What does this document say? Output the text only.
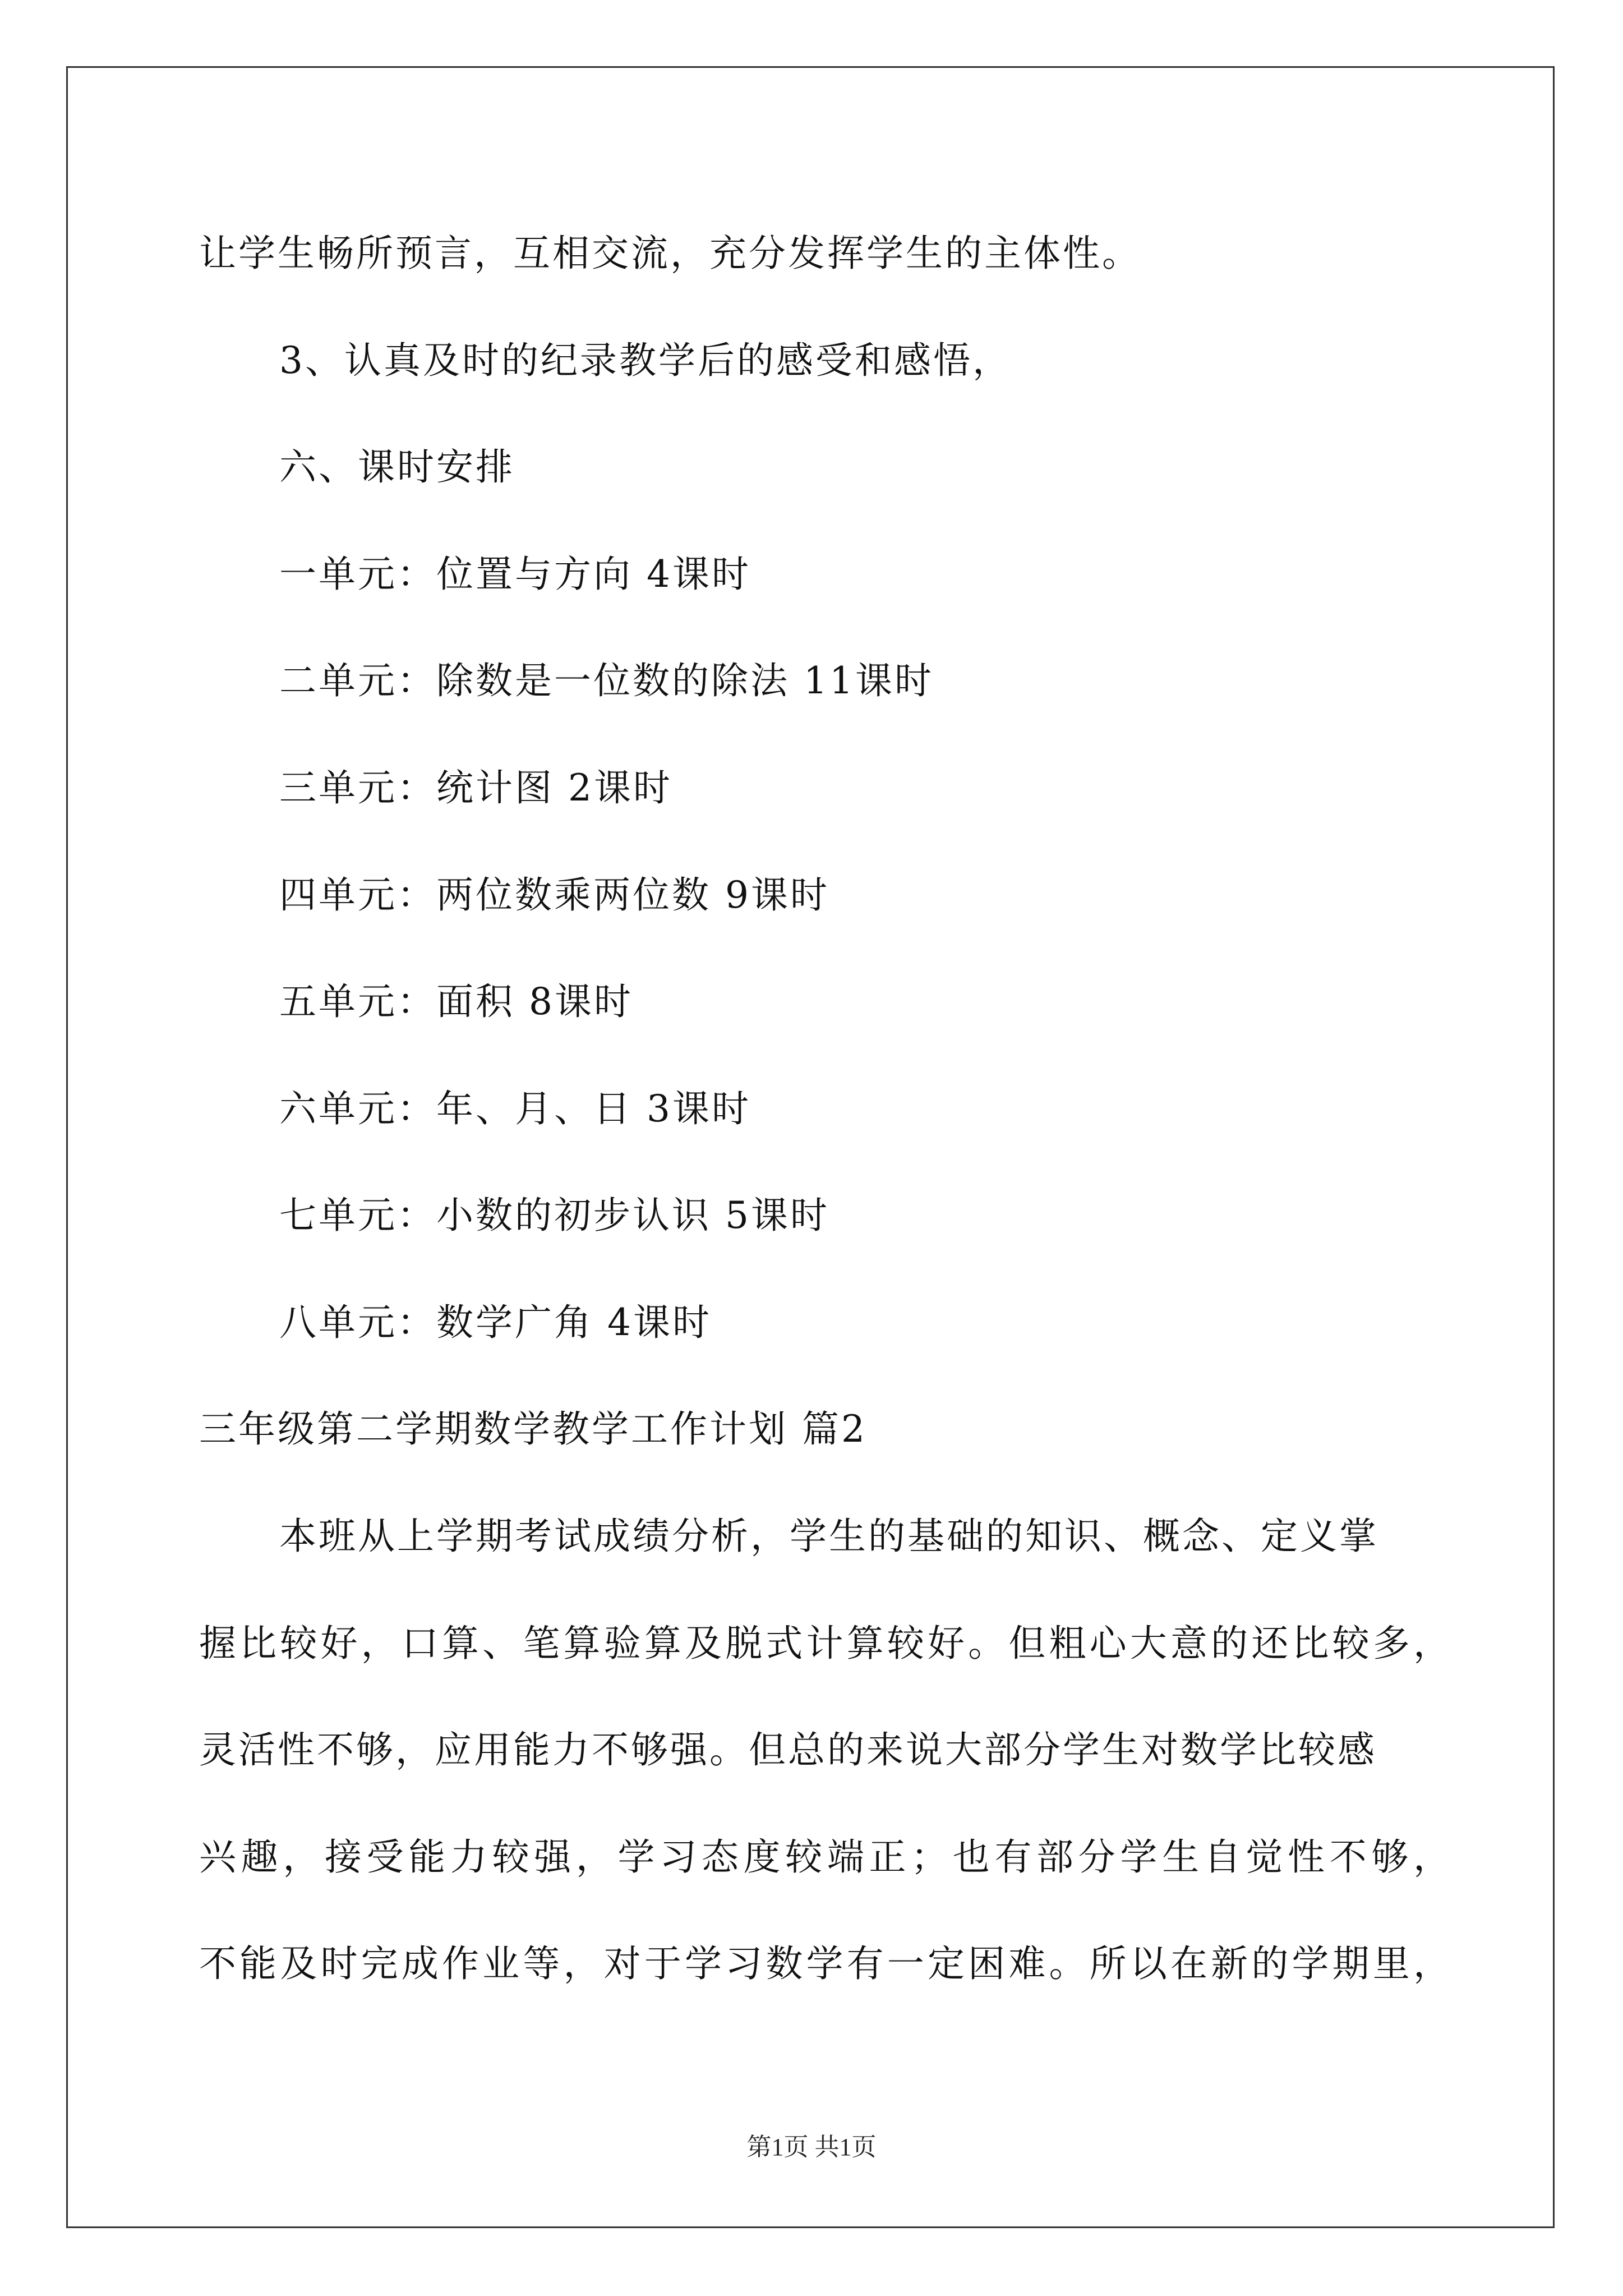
让学生畅所预言，互相交流，充分发挥学生的主体性。
3、认真及时的纪录教学后的感受和感悟，
六、课时安排
一单元：位置与方向 4课时
二单元：除数是一位数的除法 11课时
三单元：统计图 2课时
四单元：两位数乘两位数 9课时
五单元：面积 8课时
六单元：年、月、日 3课时
七单元：小数的初步认识 5课时
八单元：数学广角 4课时
三年级第二学期数学教学工作计划 篇2
本班从上学期考试成绩分析，学生的基础的知识、概念、定义掌
握比较好，口算、笔算验算及脱式计算较好。但粗心大意的还比较多，
灵活性不够，应用能力不够强。但总的来说大部分学生对数学比较感
兴趣，接受能力较强，学习态度较端正；也有部分学生自觉性不够，
不能及时完成作业等，对于学习数学有一定困难。所以在新的学期里，
第1页 共1页
